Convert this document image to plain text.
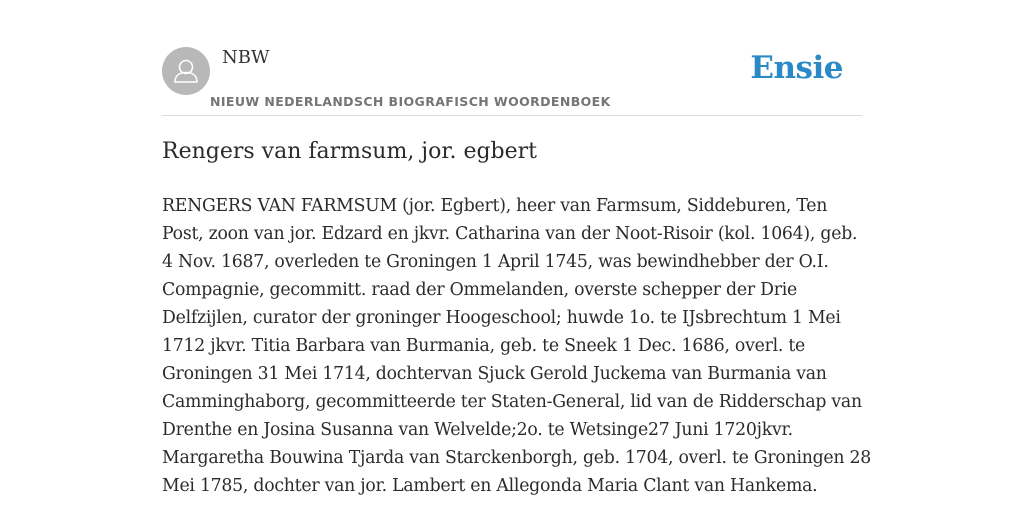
NBW
NIEUW NEDERLANDSCH BIOGRAFISCH WOORDENBOEK
Ensie
Rengers van farmsum, jor. egbert

RENGERS VAN FARMSUM (jor. Egbert), heer van Farmsum, Siddeburen, Ten Post, zoon van jor. Edzard en jkvr. Catharina van der Noot-Risoir (kol. 1064), geb. 4 Nov. 1687, overleden te Groningen 1 April 1745, was bewindhebber der O.I. Compagnie, gecommitt. raad der Ommelanden, overste schepper der Drie Delfzijlen, curator der groninger Hoogeschool; huwde 1o. te IJsbrechtum 1 Mei 1712 jkvr. Titia Barbara van Burmania, geb. te Sneek 1 Dec. 1686, overl. te Groningen 31 Mei 1714, dochtervan Sjuck Gerold Juckema van Burmania van Camminghaborg, gecommitteerde ter Staten-General, lid van de Ridderschap van Drenthe en Josina Susanna van Welvelde;2o. te Wetsinge27 Juni 1720jkvr. Margaretha Bouwina Tjarda van Starckenborgh, geb. 1704, overl. te Groningen 28 Mei 1785, dochter van jor. Lambert en Allegonda Maria Clant van Hankema.
